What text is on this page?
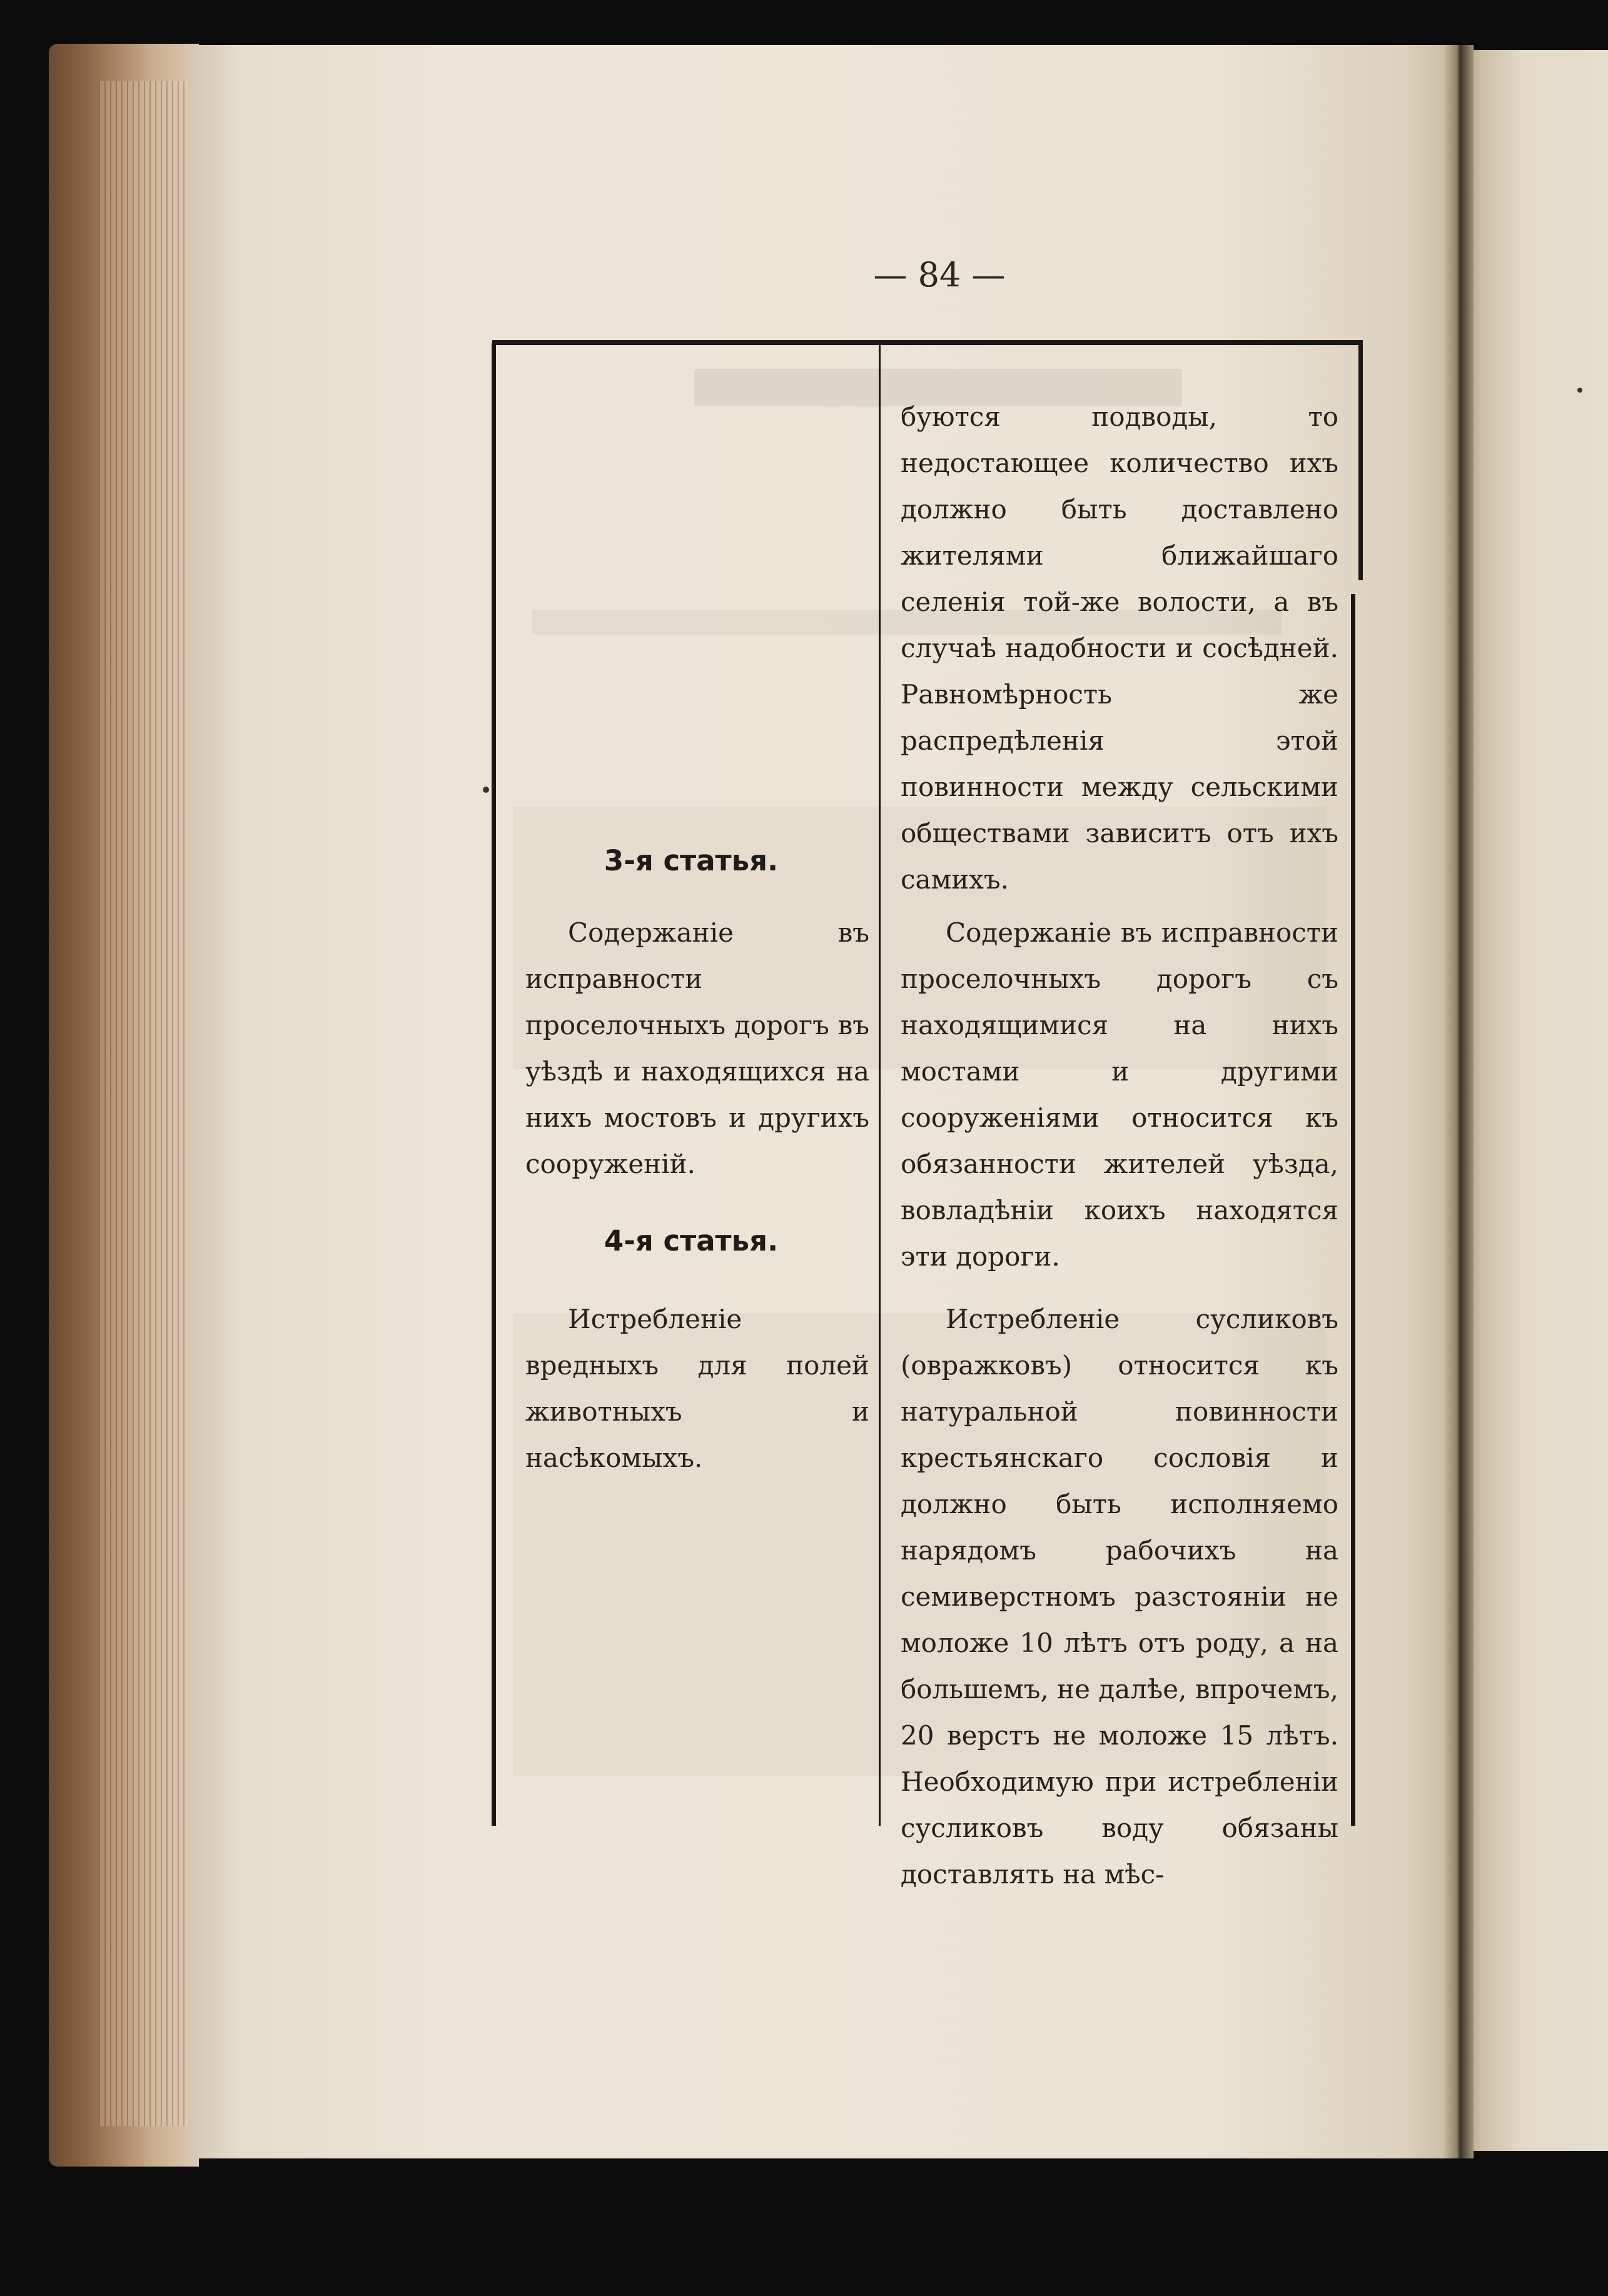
— 84 —
буются подводы, то недостающее количество ихъ должно быть доставлено жителями ближайшаго селенія той-же волости, а въ случаѣ надобности и сосѣдней. Равномѣрность же распредѣленія этой повинности между сельскими обществами зависитъ отъ ихъ самихъ.
3-я статья.
Содержаніе въ исправности проселочныхъ дорогъ въ уѣздѣ и находящихся на нихъ мостовъ и другихъ сооруженій.
Содержаніе въ исправности проселочныхъ дорогъ съ находящимися на нихъ мостами и другими сооруженіями относится къ обязанности жителей уѣзда, вовладѣніи коихъ находятся эти дороги.
4-я статья.
Истребленіе вредныхъ для полей животныхъ и насѣкомыхъ.
Истребленіе сусликовъ (овражковъ) относится къ натуральной повинности крестьянскаго сословія и должно быть исполняемо нарядомъ рабочихъ на семиверстномъ разстояніи не моложе 10 лѣтъ отъ роду, а на большемъ, не далѣе, впрочемъ, 20 верстъ не моложе 15 лѣтъ. Необходимую при истребленіи сусликовъ воду обязаны доставлять на мѣс-
